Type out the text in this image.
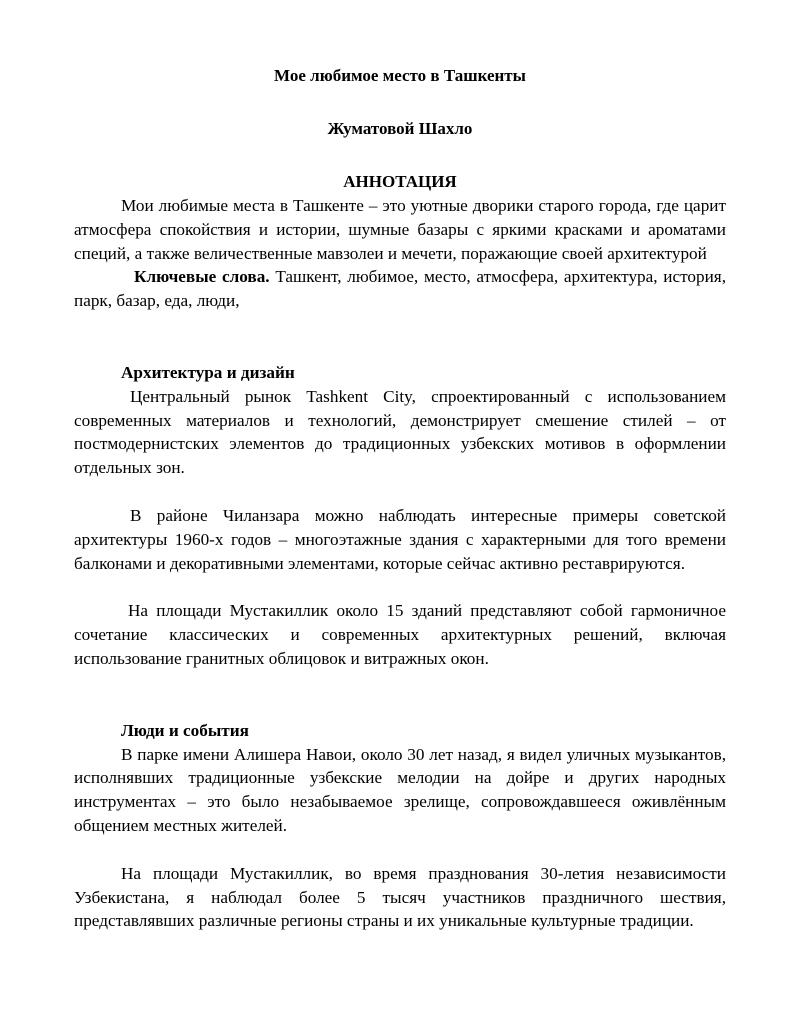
Мое любимое место в Ташкенты

Жуматовой Шахло

АННОТАЦИЯ

Мои любимые места в Ташкенте – это уютные дворики старого города, где царит атмосфера спокойствия и истории, шумные базары с яркими красками и ароматами специй, а также величественные мавзолеи и мечети, поражающие своей архитектурой

Ключевые слова. Ташкент, любимое, место, атмосфера, архитектура, история, парк, базар, еда, люди,

Архитектура и дизайн

Центральный рынок Tashkent City, спроектированный с использованием современных материалов и технологий, демонстрирует смешение стилей – от постмодернистских элементов до традиционных узбекских мотивов в оформлении отдельных зон.

В районе Чиланзара можно наблюдать интересные примеры советской архитектуры 1960-х годов – многоэтажные здания с характерными для того времени балконами и декоративными элементами, которые сейчас активно реставрируются.

На площади Мустакиллик около 15 зданий представляют собой гармоничное сочетание классических и современных архитектурных решений, включая использование гранитных облицовок и витражных окон.

Люди и события

В парке имени Алишера Навои, около 30 лет назад, я видел уличных музыкантов, исполнявших традиционные узбекские мелодии на дойре и других народных инструментах – это было незабываемое зрелище, сопровождавшееся оживлённым общением местных жителей.

На площади Мустакиллик, во время празднования 30-летия независимости Узбекистана, я наблюдал более 5 тысяч участников праздничного шествия, представлявших различные регионы страны и их уникальные культурные традиции.
